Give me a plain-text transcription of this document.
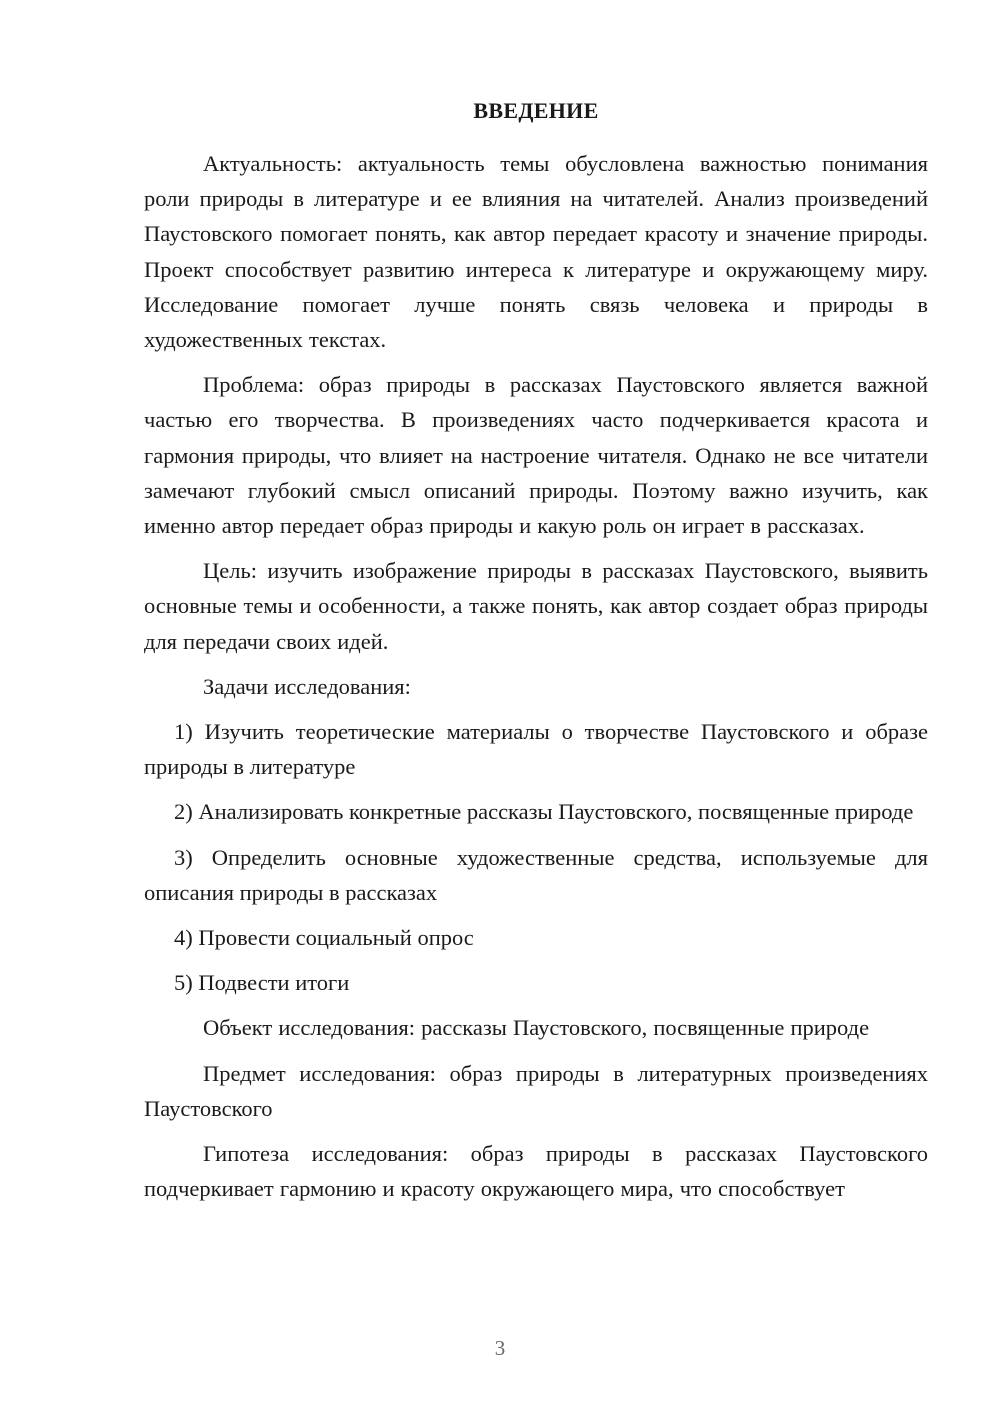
ВВЕДЕНИЕ

Актуальность: актуальность темы обусловлена важностью понимания роли природы в литературе и ее влияния на читателей. Анализ произведений Паустовского помогает понять, как автор передает красоту и значение природы. Проект способствует развитию интереса к литературе и окружающему миру. Исследование помогает лучше понять связь человека и природы в художественных текстах.

Проблема: образ природы в рассказах Паустовского является важной частью его творчества. В произведениях часто подчеркивается красота и гармония природы, что влияет на настроение читателя. Однако не все читатели замечают глубокий смысл описаний природы. Поэтому важно изучить, как именно автор передает образ природы и какую роль он играет в рассказах.

Цель: изучить изображение природы в рассказах Паустовского, выявить основные темы и особенности, а также понять, как автор создает образ природы для передачи своих идей.

Задачи исследования:

1) Изучить теоретические материалы о творчестве Паустовского и образе природы в литературе

2) Анализировать конкретные рассказы Паустовского, посвященные природе

3) Определить основные художественные средства, используемые для описания природы в рассказах

4) Провести социальный опрос

5) Подвести итоги

Объект исследования: рассказы Паустовского, посвященные природе

Предмет исследования: образ природы в литературных произведениях Паустовского

Гипотеза исследования: образ природы в рассказах Паустовского подчеркивает гармонию и красоту окружающего мира, что способствует

3
